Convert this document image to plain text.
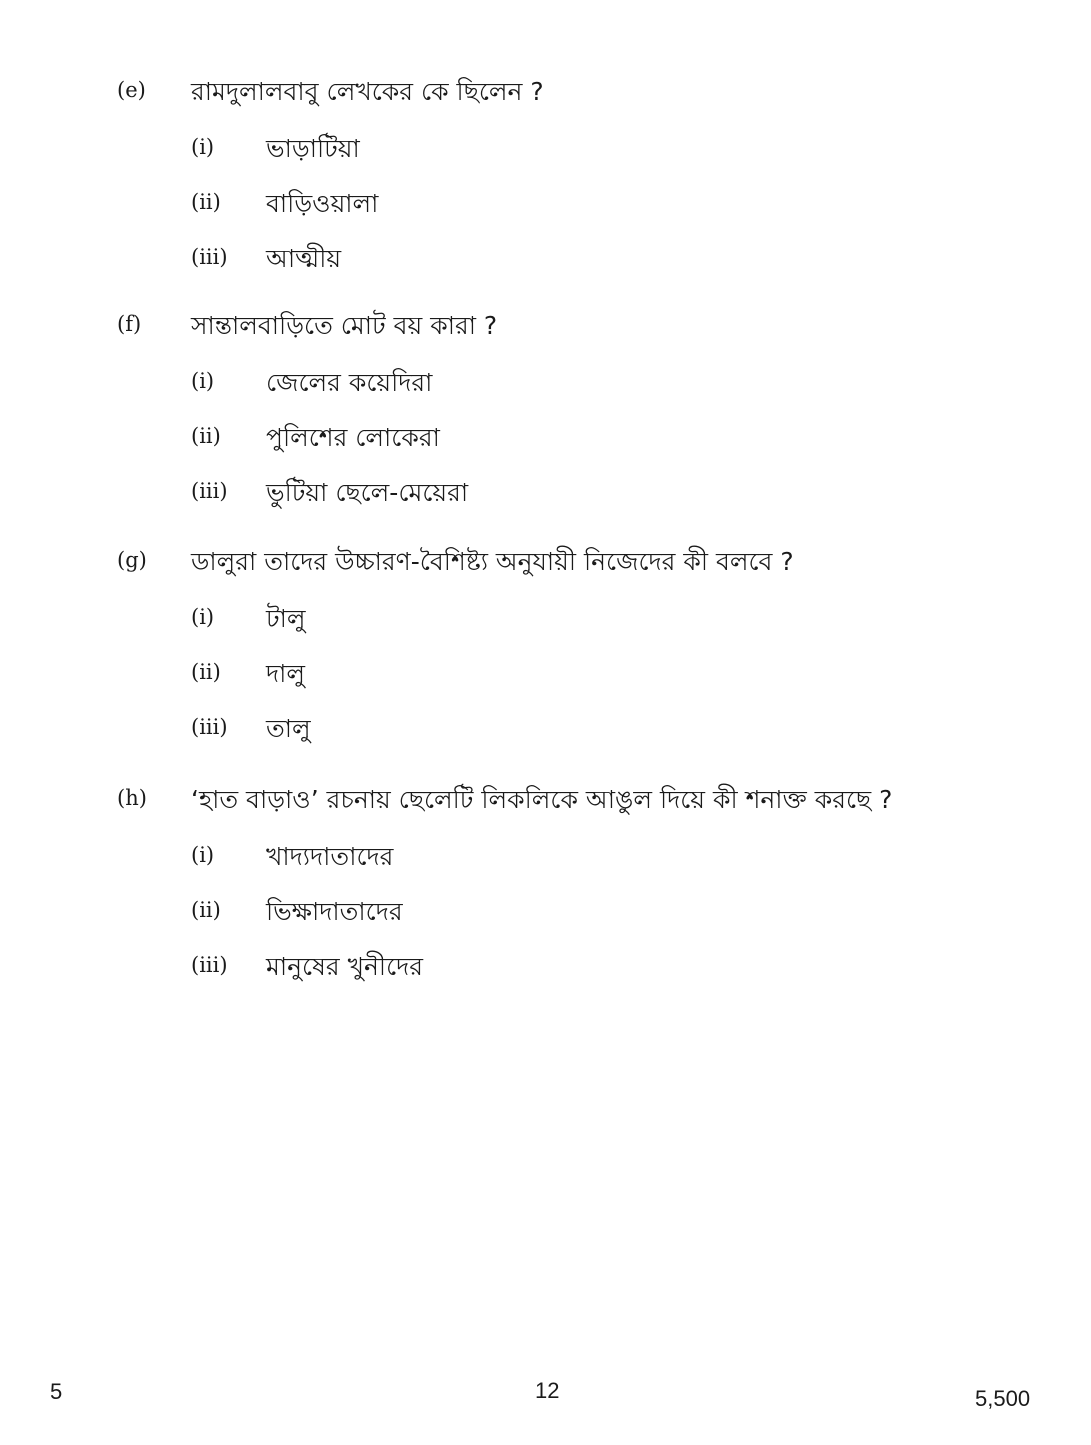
(e) রামদুলালবাবু লেখকের কে ছিলেন ?
(i) ভাড়াটিয়া
(ii) বাড়িওয়ালা
(iii) আত্মীয়
(f) সান্তালবাড়িতে মোট বয় কারা ?
(i) জেলের কয়েদিরা
(ii) পুলিশের লোকেরা
(iii) ভুটিয়া ছেলে-মেয়েরা
(g) ডালুরা তাদের উচ্চারণ-বৈশিষ্ট্য অনুযায়ী নিজেদের কী বলবে ?
(i) টালু
(ii) দালু
(iii) তালু
(h) ‘হাত বাড়াও’ রচনায় ছেলেটি লিকলিকে আঙুল দিয়ে কী শনাক্ত করছে ?
(i) খাদ্যদাতাদের
(ii) ভিক্ষাদাতাদের
(iii) মানুষের খুনীদের
5	12	5,500
